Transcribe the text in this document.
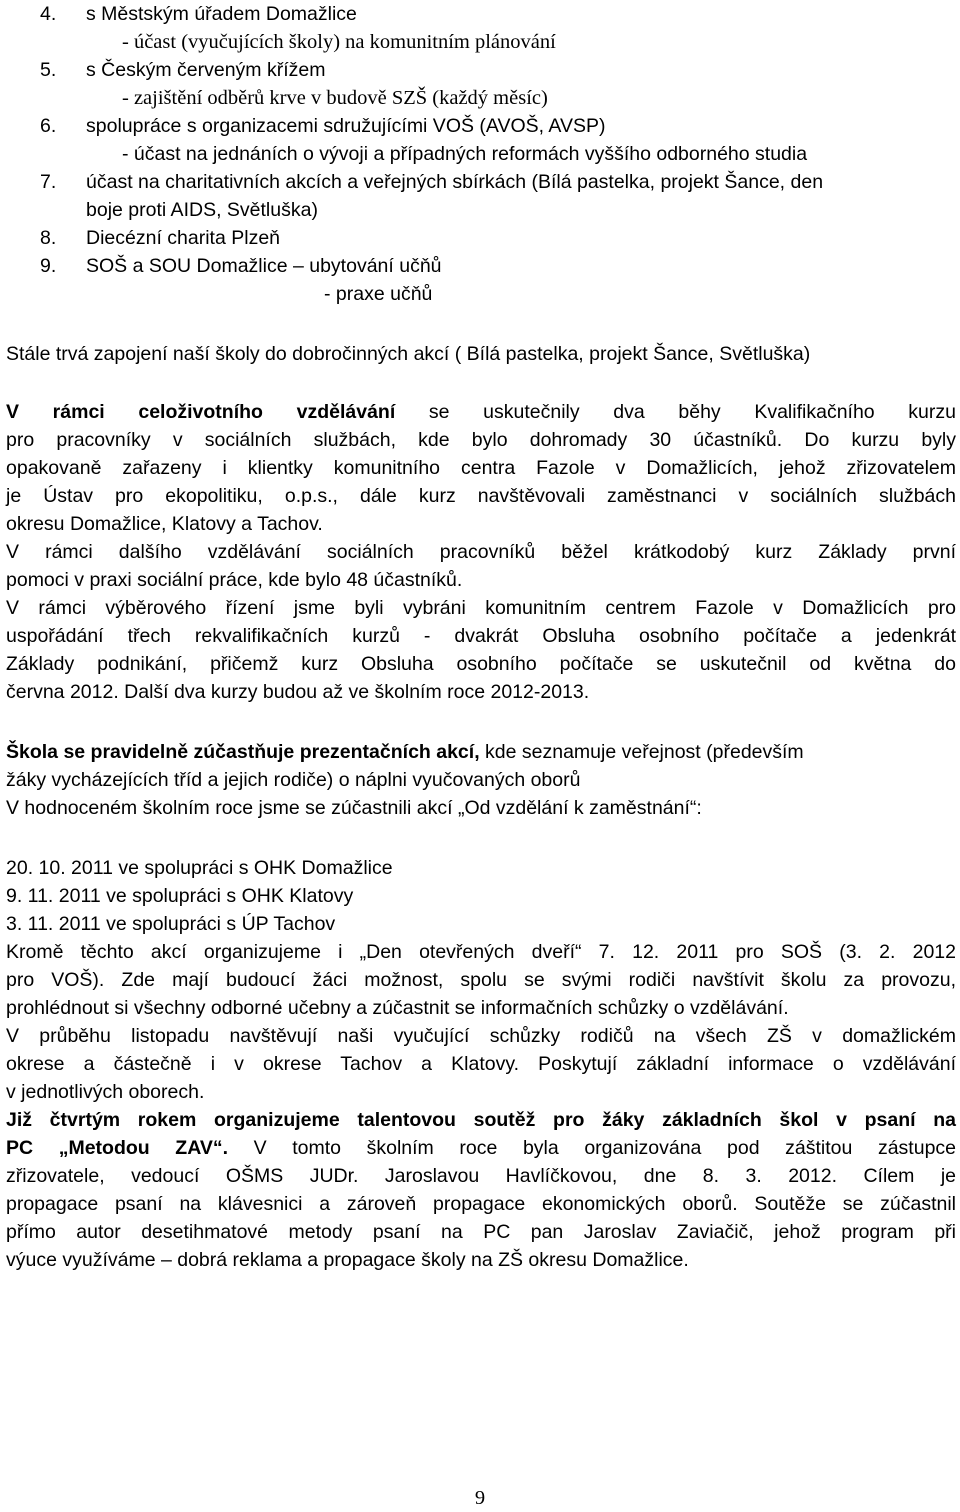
4. s Městským úřadem Domažlice
- účast (vyučujících školy) na komunitním plánování
5. s Českým červeným křížem
- zajištění odběrů krve v budově SZŠ (každý měsíc)
6. spolupráce s organizacemi sdružujícími VOŠ (AVOŠ, AVSP)
- účast na jednáních o vývoji a případných reformách vyššího odborného studia
7. účast na charitativních akcích a veřejných sbírkách (Bílá pastelka, projekt Šance, den
boje proti AIDS, Světluška)
8. Diecézní charita Plzeň
9. SOŠ a SOU Domažlice – ubytování učňů
- praxe učňů
Stále trvá zapojení naší školy do dobročinných akcí ( Bílá pastelka, projekt Šance, Světluška)
V rámci celoživotního vzdělávání se uskutečnily dva běhy Kvalifikačního kurzu
pro pracovníky v sociálních službách, kde bylo dohromady 30 účastníků. Do kurzu byly
opakovaně zařazeny i klientky komunitního centra Fazole v Domažlicích, jehož zřizovatelem
je Ústav pro ekopolitiku, o.p.s., dále kurz navštěvovali zaměstnanci v sociálních službách
okresu Domažlice, Klatovy a Tachov.
V rámci dalšího vzdělávání sociálních pracovníků běžel krátkodobý kurz Základy první
pomoci v praxi sociální práce, kde bylo 48 účastníků.
V rámci výběrového řízení jsme byli vybráni komunitním centrem Fazole v Domažlicích pro
uspořádání třech rekvalifikačních kurzů - dvakrát Obsluha osobního počítače a jedenkrát
Základy podnikání, přičemž kurz Obsluha osobního počítače se uskutečnil od května do
června 2012. Další dva kurzy budou až ve školním roce 2012-2013.
Škola se pravidelně zúčastňuje prezentačních akcí, kde seznamuje veřejnost (především
žáky vycházejících tříd a jejich rodiče) o náplni vyučovaných oborů
V hodnoceném školním roce jsme se zúčastnili akcí „Od vzdělání k zaměstnání“:
20. 10. 2011 ve spolupráci s OHK Domažlice
9. 11. 2011 ve spolupráci s OHK Klatovy
3. 11. 2011 ve spolupráci s ÚP Tachov
Kromě těchto akcí organizujeme i „Den otevřených dveří“ 7. 12. 2011 pro SOŠ (3. 2. 2012
pro VOŠ). Zde mají budoucí žáci možnost, spolu se svými rodiči navštívit školu za provozu,
prohlédnout si všechny odborné učebny a zúčastnit se informačních schůzky o vzdělávání.
V průběhu listopadu navštěvují naši vyučující schůzky rodičů na všech ZŠ v domažlickém
okrese a částečně i v okrese Tachov a Klatovy. Poskytují základní informace o vzdělávání
v jednotlivých oborech.
Již čtvrtým rokem organizujeme talentovou soutěž pro žáky základních škol v psaní na
PC „Metodou ZAV“. V tomto školním roce byla organizována pod záštitou zástupce
zřizovatele, vedoucí OŠMS JUDr. Jaroslavou Havlíčkovou, dne 8. 3. 2012. Cílem je
propagace psaní na klávesnici a zároveň propagace ekonomických oborů. Soutěže se zúčastnil
přímo autor desetihmatové metody psaní na PC pan Jaroslav Zaviačič, jehož program při
výuce využíváme – dobrá reklama a propagace školy na ZŠ okresu Domažlice.
9
